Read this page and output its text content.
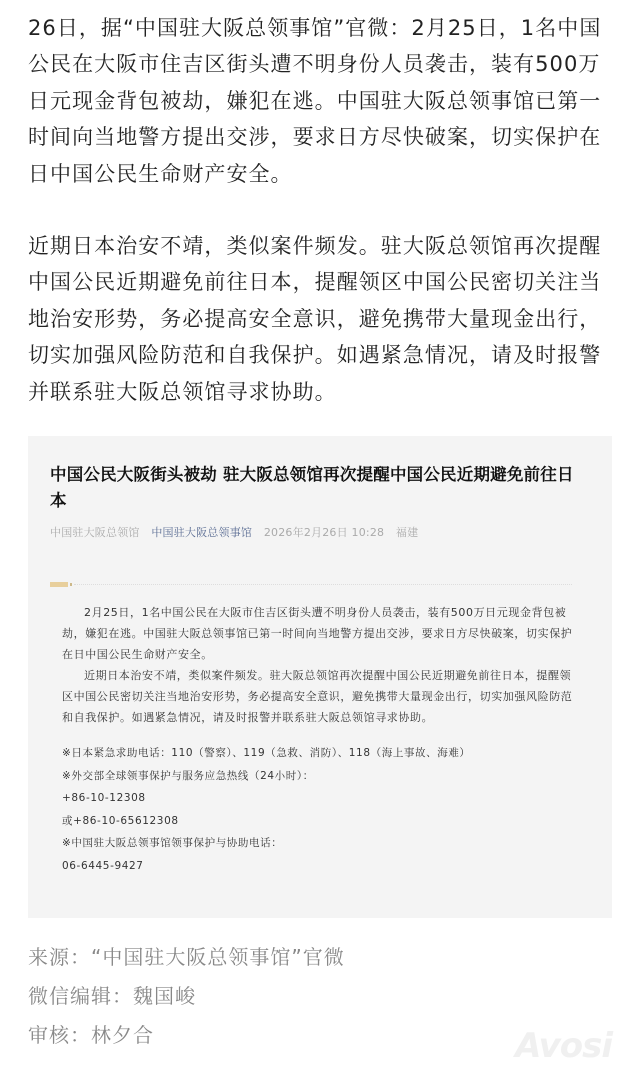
26日，据“中国驻大阪总领事馆”官微：2月25日，1名中国公民在大阪市住吉区街头遭不明身份人员袭击，装有500万日元现金背包被劫，嫌犯在逃。中国驻大阪总领事馆已第一时间向当地警方提出交涉，要求日方尽快破案，切实保护在日中国公民生命财产安全。

近期日本治安不靖，类似案件频发。驻大阪总领馆再次提醒中国公民近期避免前往日本，提醒领区中国公民密切关注当地治安形势，务必提高安全意识，避免携带大量现金出行，切实加强风险防范和自我保护。如遇紧急情况，请及时报警并联系驻大阪总领馆寻求协助。

中国公民大阪街头被劫 驻大阪总领馆再次提醒中国公民近期避免前往日本
中国驻大阪总领馆 中国驻大阪总领事馆 2026年2月26日 10:28 福建

2月25日，1名中国公民在大阪市住吉区街头遭不明身份人员袭击，装有500万日元现金背包被劫，嫌犯在逃。中国驻大阪总领事馆已第一时间向当地警方提出交涉，要求日方尽快破案，切实保护在日中国公民生命财产安全。

近期日本治安不靖，类似案件频发。驻大阪总领馆再次提醒中国公民近期避免前往日本，提醒领区中国公民密切关注当地治安形势，务必提高安全意识，避免携带大量现金出行，切实加强风险防范和自我保护。如遇紧急情况，请及时报警并联系驻大阪总领馆寻求协助。

※日本紧急求助电话：110（警察）、119（急救、消防）、118（海上事故、海难）
※外交部全球领事保护与服务应急热线（24小时）：
+86-10-12308
或+86-10-65612308
※中国驻大阪总领事馆领事保护与协助电话：
06-6445-9427
来源：“中国驻大阪总领事馆”官微
微信编辑：魏国峻
审核：林夕合	Avosi
